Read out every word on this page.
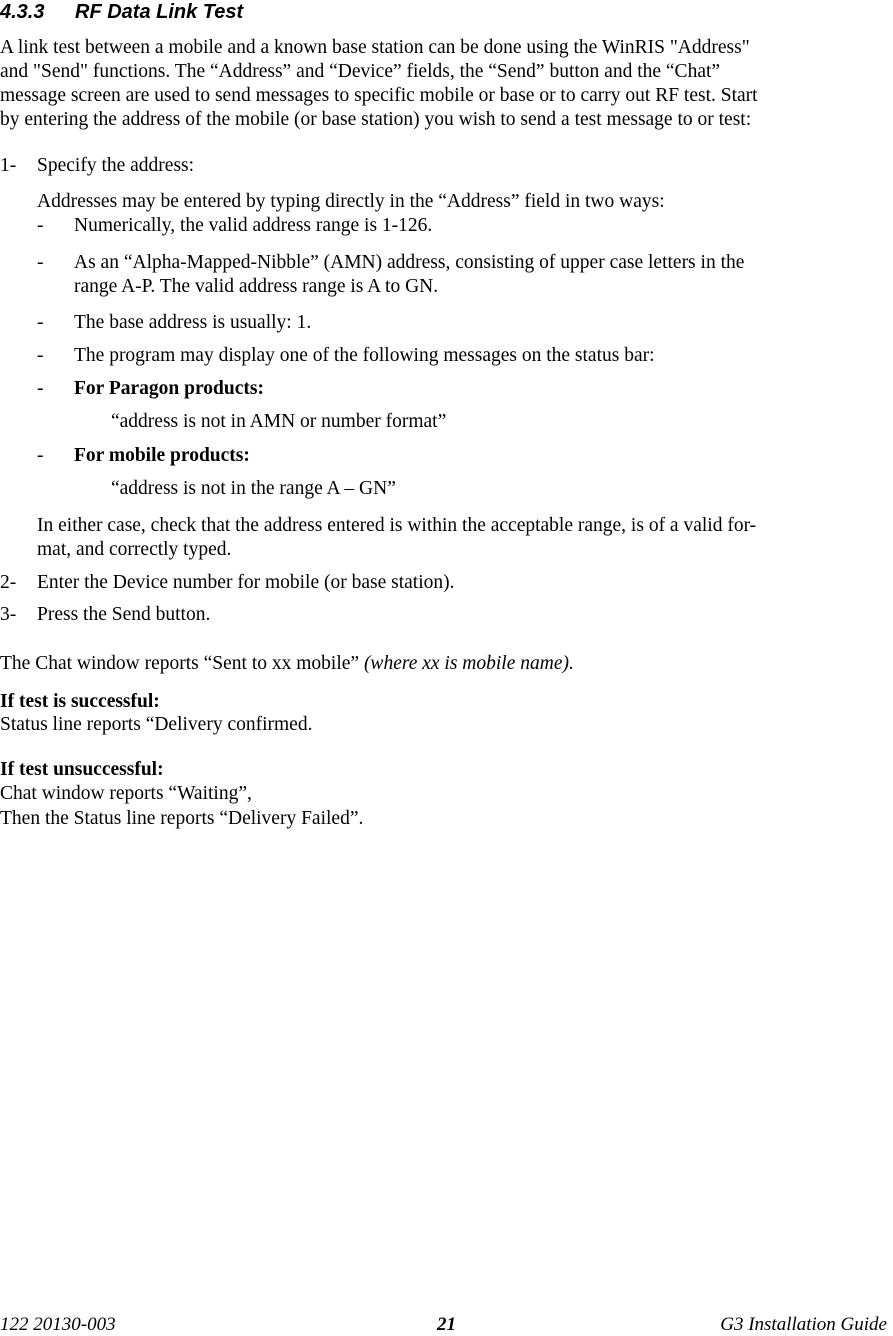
4.3.3 RF Data Link Test

A link test between a mobile and a known base station can be done using the WinRIS "Address"

and "Send" functions. The “Address” and “Device” fields, the “Send” button and the “Chat”

message screen are used to send messages to specific mobile or base or to carry out RF test. Start

by entering the address of the mobile (or base station) you wish to send a test message to or test:

1- Specify the address:
Addresses may be entered by typing directly in the “Address” field in two ways:
- Numerically, the valid address range is 1-126.
- As an “Alpha-Mapped-Nibble” (AMN) address, consisting of upper case letters in the
range A-P. The valid address range is A to GN.
- The base address is usually: 1.
- The program may display one of the following messages on the status bar:
- For Paragon products:
“address is not in AMN or number format”
- For mobile products:
“address is not in the range A – GN”
In either case, check that the address entered is within the acceptable range, is of a valid for-
mat, and correctly typed.
2- Enter the Device number for mobile (or base station).
3- Press the Send button.
The Chat window reports “Sent to xx mobile” (where xx is mobile name).
If test is successful:
Status line reports “Delivery confirmed.
If test unsuccessful:
Chat window reports “Waiting”,
Then the Status line reports “Delivery Failed”.
122 20130-003	21	G3 Installation Guide
